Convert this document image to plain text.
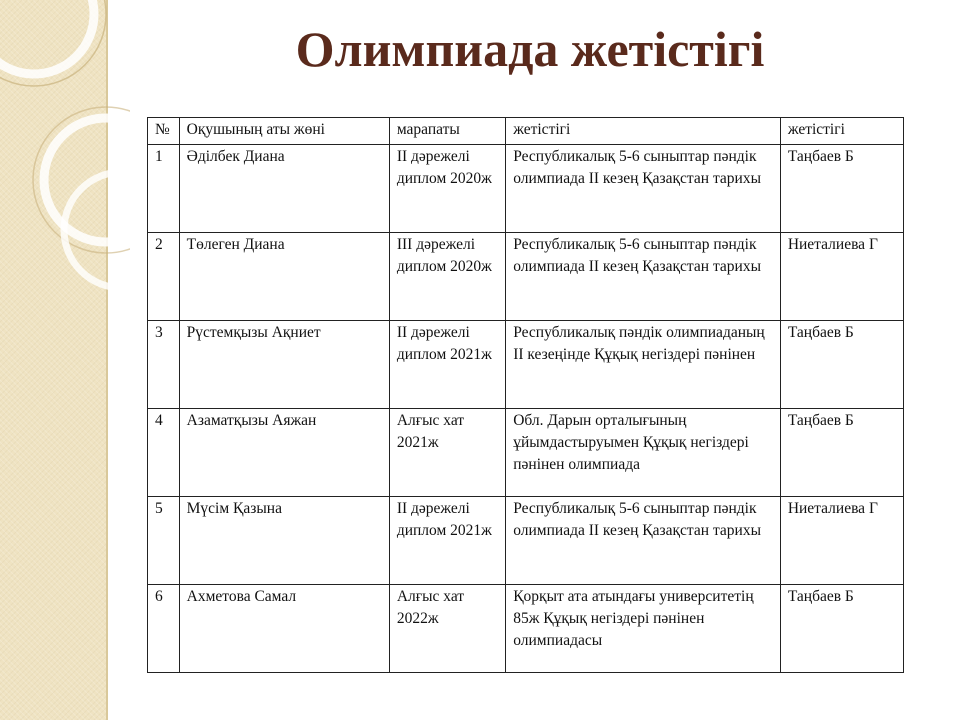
Олимпиада жетістігі
№	Оқушының аты жөні	марапаты	жетістігі	жетістігі
1	Әділбек Диана	ІІ дәрежелі диплом 2020ж	Республикалық 5-6 сыныптар пәндік олимпиада ІІ кезең Қазақстан тарихы	Таңбаев Б
2	Төлеген Диана	ІІІ дәрежелі диплом 2020ж	Республикалық 5-6 сыныптар пәндік олимпиада ІІ кезең Қазақстан тарихы	Ниеталиева Г
3	Рүстемқызы Ақниет	ІІ дәрежелі диплом 2021ж	Республикалық пәндік олимпиаданың ІІ кезеңінде Құқық негіздері пәнінен	Таңбаев Б
4	Азаматқызы Аяжан	Алғыс хат 2021ж	Обл. Дарын орталығының ұйымдастыруымен Құқық негіздері пәнінен олимпиада	Таңбаев Б
5	Мүсім Қазына	ІІ дәрежелі диплом 2021ж	Республикалық 5-6 сыныптар пәндік олимпиада ІІ кезең Қазақстан тарихы	Ниеталиева Г
6	Ахметова Самал	Алғыс хат 2022ж	Қорқыт ата атындағы университетің 85ж Құқық негіздері пәнінен олимпиадасы	Таңбаев Б
